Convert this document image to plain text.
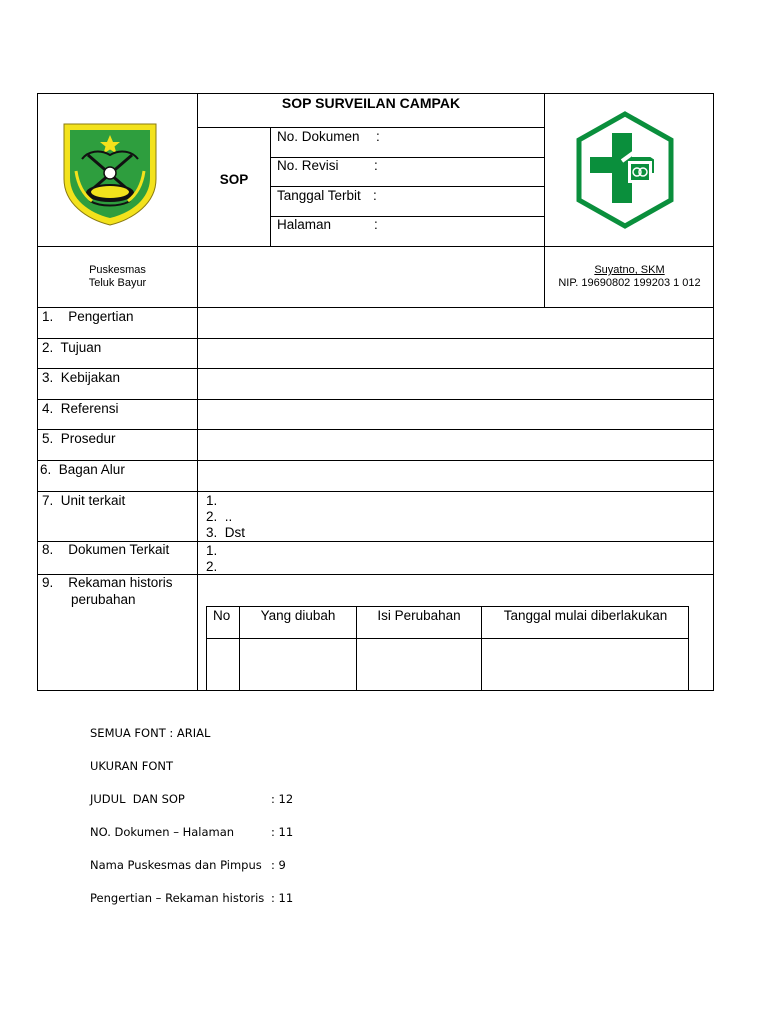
SOP SURVEILAN CAMPAK
SOP
No. Dokumen :
No. Revisi	:
Tanggal Terbit :
Halaman	:
Puskesmas
Teluk Bayur
Suyatno, SKM
NIP. 19690802 199203 1 012
1.    Pengertian
2.  Tujuan
3.  Kebijakan
4.  Referensi
5.  Prosedur
6.  Bagan Alur
7.  Unit terkait	1.
2.  ..
3.  Dst
8.    Dokumen Terkait	1.
2.
9.    Rekaman historis
perubahan
No	Yang diubah	Isi Perubahan	Tanggal mulai diberlakukan
SEMUA FONT : ARIAL
UKURAN FONT
JUDUL  DAN SOP	: 12
NO. Dokumen – Halaman	: 11
Nama Puskesmas dan Pimpus : 9
Pengertian – Rekaman historis : 11
